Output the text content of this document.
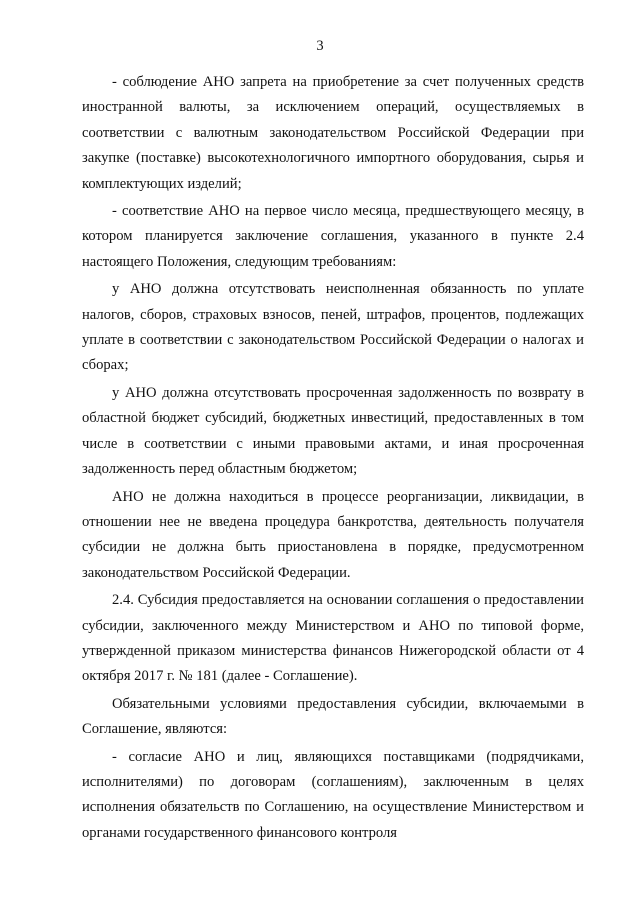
3

- соблюдение АНО запрета на приобретение за счет полученных средств иностранной валюты, за исключением операций, осуществляемых в соответствии с валютным законодательством Российской Федерации при закупке (поставке) высокотехнологичного импортного оборудования, сырья и комплектующих изделий;

- соответствие АНО на первое число месяца, предшествующего месяцу, в котором планируется заключение соглашения, указанного в пункте 2.4 настоящего Положения, следующим требованиям:

у АНО должна отсутствовать неисполненная обязанность по уплате налогов, сборов, страховых взносов, пеней, штрафов, процентов, подлежащих уплате в соответствии с законодательством Российской Федерации о налогах и сборах;

у АНО должна отсутствовать просроченная задолженность по возврату в областной бюджет субсидий, бюджетных инвестиций, предоставленных в том числе в соответствии с иными правовыми актами, и иная просроченная задолженность перед областным бюджетом;

АНО не должна находиться в процессе реорганизации, ликвидации, в отношении нее не введена процедура банкротства, деятельность получателя субсидии не должна быть приостановлена в порядке, предусмотренном законодательством Российской Федерации.

2.4. Субсидия предоставляется на основании соглашения о предоставлении субсидии, заключенного между Министерством и АНО по типовой форме, утвержденной приказом министерства финансов Нижегородской области от 4 октября 2017 г. № 181 (далее - Соглашение).

Обязательными условиями предоставления субсидии, включаемыми в Соглашение, являются:

- согласие АНО и лиц, являющихся поставщиками (подрядчиками, исполнителями) по договорам (соглашениям), заключенным в целях исполнения обязательств по Соглашению, на осуществление Министерством и органами государственного финансового контроля
